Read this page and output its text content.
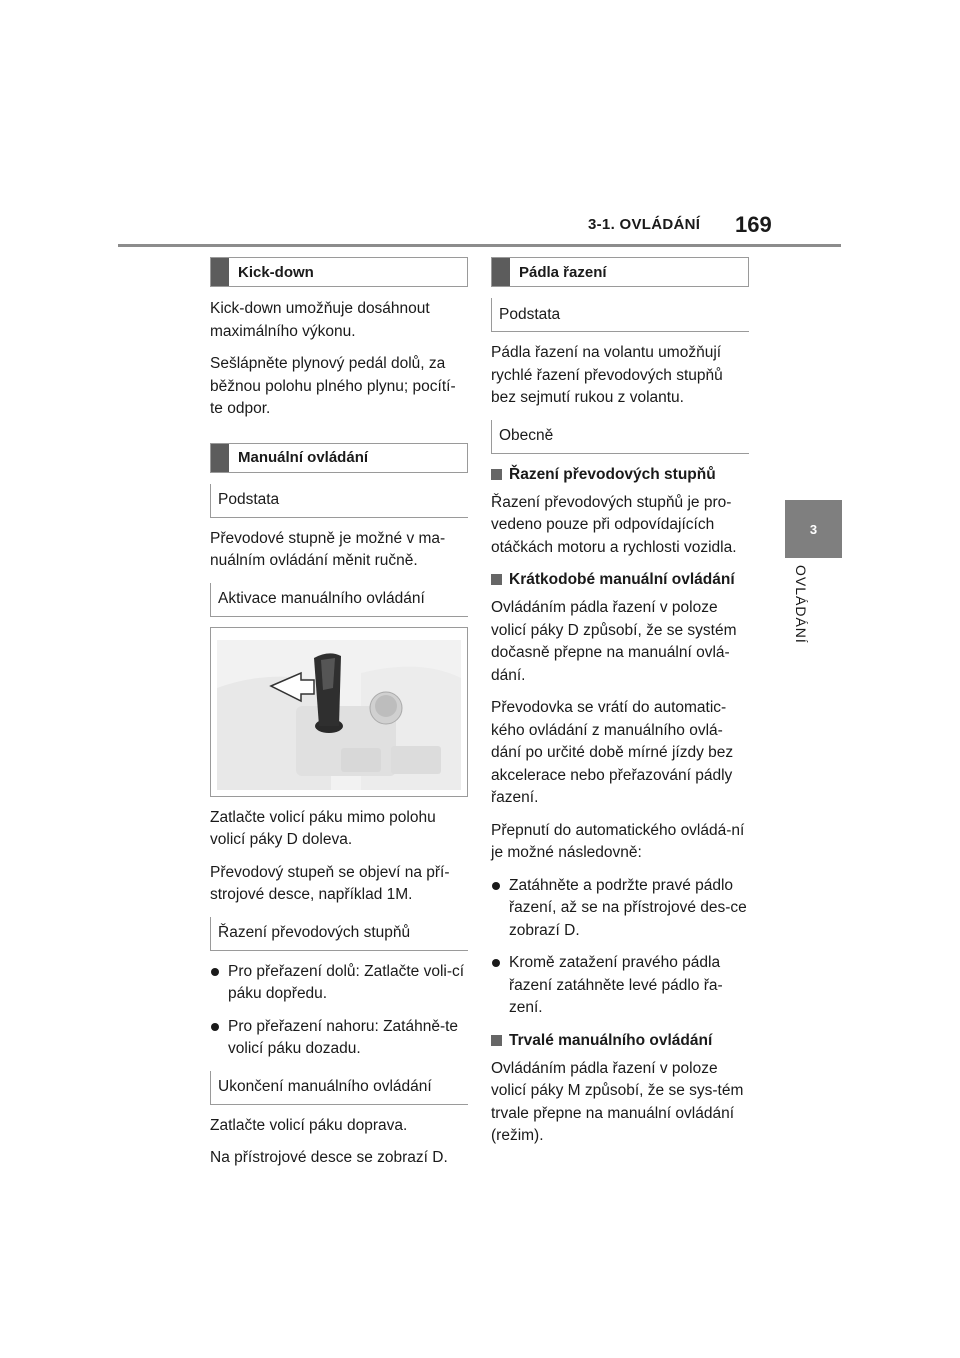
3-1. OVLÁDÁNÍ 169
3
OVLÁDÁNÍ
Kick-down

Kick-down umožňuje dosáhnout maximálního výkonu.

Sešlápněte plynový pedál dolů, za běžnou polohu plného plynu; pocítí-te odpor.

Manuální ovládání
Podstata

Převodové stupně je možné v ma-nuálním ovládání měnit ručně.

Aktivace manuálního ovládání

Zatlačte volicí páku mimo polohu volicí páky D doleva.

Převodový stupeň se objeví na pří-strojové desce, například 1M.

Řazení převodových stupňů
Pro přeřazení dolů: Zatlačte voli-cí páku dopředu.
Pro přeřazení nahoru: Zatáhně-te volicí páku dozadu.
Ukončení manuálního ovládání

Zatlačte volicí páku doprava.

Na přístrojové desce se zobrazí D.

Pádla řazení
Podstata

Pádla řazení na volantu umožňují rychlé řazení převodových stupňů bez sejmutí rukou z volantu.

Obecně
Řazení převodových stupňů

Řazení převodových stupňů je pro-vedeno pouze při odpovídajících otáčkách motoru a rychlosti vozidla.

Krátkodobé manuální ovládání

Ovládáním pádla řazení v poloze volicí páky D způsobí, že se systém dočasně přepne na manuální ovlá-dání.

Převodovka se vrátí do automatic-kého ovládání z manuálního ovlá-dání po určité době mírné jízdy bez akcelerace nebo přeřazování pádly řazení.

Přepnutí do automatického ovládá-ní je možné následovně:

Zatáhněte a podržte pravé pádlo řazení, až se na přístrojové des-ce zobrazí D.
Kromě zatažení pravého pádla řazení zatáhněte levé pádlo řa-zení.
Trvalé manuálního ovládání

Ovládáním pádla řazení v poloze volicí páky M způsobí, že se sys-tém trvale přepne na manuální ovládání (režim).
